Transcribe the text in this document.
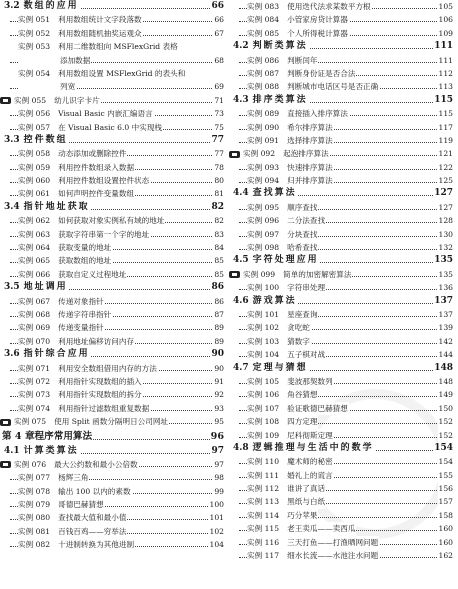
3.2 数组的应用	66
实例 051 利用数组统计文字段落数	66
实例 052 利用数组随机抽奖运观众	67
实例 053 利用二维数组向 MSFlexGrid 表格
添加数据	68
实例 054 利用数组设置 MSFlexGrid 的表头和
列宽	69
实例 055 幼儿识字卡片	71
实例 056 Visual Basic 内嵌汇编语言	73
实例 057 在 Visual Basic 6.0 中实现栈	75
3.3 控件数组	77
实例 058 动态添加或删除控件	77
实例 059 利用控件数组录入数据	78
实例 060 利用控件数组设置控件状态	80
实例 061 如何声明控件变量数组	81
3.4 指针地址获取	82
实例 062 如何获取对象实例私有域的地址	82
实例 063 获取字符串第一个字的地址	83
实例 064 获取变量的地址	84
实例 065 获取数组的地址	85
实例 066 获取自定义过程地址	85
3.5 地址调用	86
实例 067 传递对象指针	86
实例 068 传递字符串指针	87
实例 069 传递变量指针	89
实例 070 利用地址偏移访问内存	89
3.6 指针综合应用	90
实例 071 利用安全数组借用内存的方法	90
实例 072 利用指针实现数组的插入	91
实例 073 利用指针实现数组的拆分	92
实例 074 利用指针过滤数组重复数据	93
实例 075 使用 Split 函数分隔明日公司网址	95
第 4 章程序常用算法	96
4.1 计算类算法	97
实例 076 最大公约数和最小公倍数	97
实例 077 杨辉三角	98
实例 078 输出 100 以内的素数	99
实例 079 哥德巴赫猜想	100
实例 080 查找最大值和最小值	101
实例 081 百钱百鸡——穷举法	102
实例 082 十进制转换为其他进制	104
实例 083 使用迭代法求某数平方根	105
实例 084 小管家房贷计算器	106
实例 085 个人所得税计算器	109
4.2 判断类算法	111
实例 086 判断闰年	111
实例 087 判断身份证是否合法	112
实例 088 判断城市电话区号是否正确	113
4.3 排序类算法	115
实例 089 直接插入排序算法	115
实例 090 希尔排序算法	117
实例 091 选择排序算法	119
实例 092 起泡排序算法	121
实例 093 快速排序算法	122
实例 094 归并排序算法	125
4.4 查找算法	127
实例 095 顺序查找	127
实例 096 二分法查找	128
实例 097 分块查找	130
实例 098 哈希查找	132
4.5 字符处理应用	135
实例 099 简单的加密解密算法	135
实例 100 字符串处理	136
4.6 游戏算法	137
实例 101 星座查询	137
实例 102 贪吃蛇	139
实例 103 猜数字	142
实例 104 五子棋对战	144
4.7 定理与猜想	148
实例 105 斐波那契数列	148
实例 106 角谷猜想	149
实例 107 验证歌德巴赫猜想	150
实例 108 四方定理	152
实例 109 尼科彻斯定理	152
4.8 逻辑推理与生活中的数学	154
实例 110 魔术师的秘密	154
实例 111 婚礼上的谎言	155
实例 112 谁讲了真话	156
实例 113 黑纸与白纸	157
实例 114 巧分苹果	158
实例 115 老王卖瓜——卖西瓜	160
实例 116 三天打鱼——打渔晒网问题	160
实例 117 细水长流——水池注水问题	162
